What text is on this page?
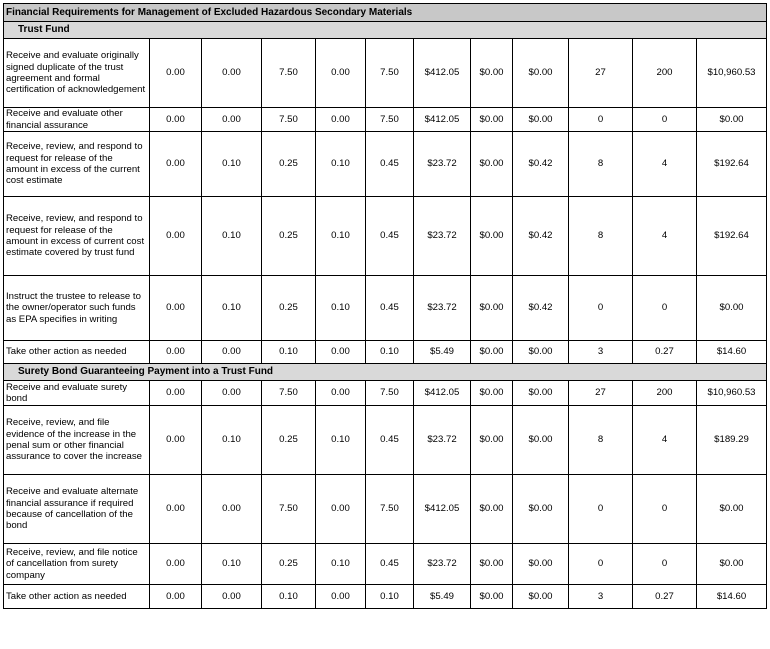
Financial Requirements for Management of Excluded Hazardous Secondary Materials											
Trust Fund											
Receive and evaluate originally signed duplicate of the trust agreement and formal certification of acknowledgement	0.00	0.00	7.50	0.00	7.50	$412.05	$0.00	$0.00	27	200	$10,960.53
Receive and evaluate other financial assurance	0.00	0.00	7.50	0.00	7.50	$412.05	$0.00	$0.00	0	0	$0.00
Receive, review, and respond to request for release of the amount in excess of the current cost estimate	0.00	0.10	0.25	0.10	0.45	$23.72	$0.00	$0.42	8	4	$192.64
Receive, review, and respond to request for release of the amount in excess of current cost estimate covered by trust fund	0.00	0.10	0.25	0.10	0.45	$23.72	$0.00	$0.42	8	4	$192.64
Instruct the trustee to release to the owner/operator such funds as EPA specifies in writing	0.00	0.10	0.25	0.10	0.45	$23.72	$0.00	$0.42	0	0	$0.00
Take other action as needed	0.00	0.00	0.10	0.00	0.10	$5.49	$0.00	$0.00	3	0.27	$14.60
Surety Bond Guaranteeing Payment into a Trust Fund											
Receive and evaluate surety bond	0.00	0.00	7.50	0.00	7.50	$412.05	$0.00	$0.00	27	200	$10,960.53
Receive, review, and file evidence of the increase in the penal sum or other financial assurance to cover the increase	0.00	0.10	0.25	0.10	0.45	$23.72	$0.00	$0.00	8	4	$189.29
Receive and evaluate alternate financial assurance if required because of cancellation of the bond	0.00	0.00	7.50	0.00	7.50	$412.05	$0.00	$0.00	0	0	$0.00
Receive, review, and file notice of cancellation from surety company	0.00	0.10	0.25	0.10	0.45	$23.72	$0.00	$0.00	0	0	$0.00
Take other action as needed	0.00	0.00	0.10	0.00	0.10	$5.49	$0.00	$0.00	3	0.27	$14.60
